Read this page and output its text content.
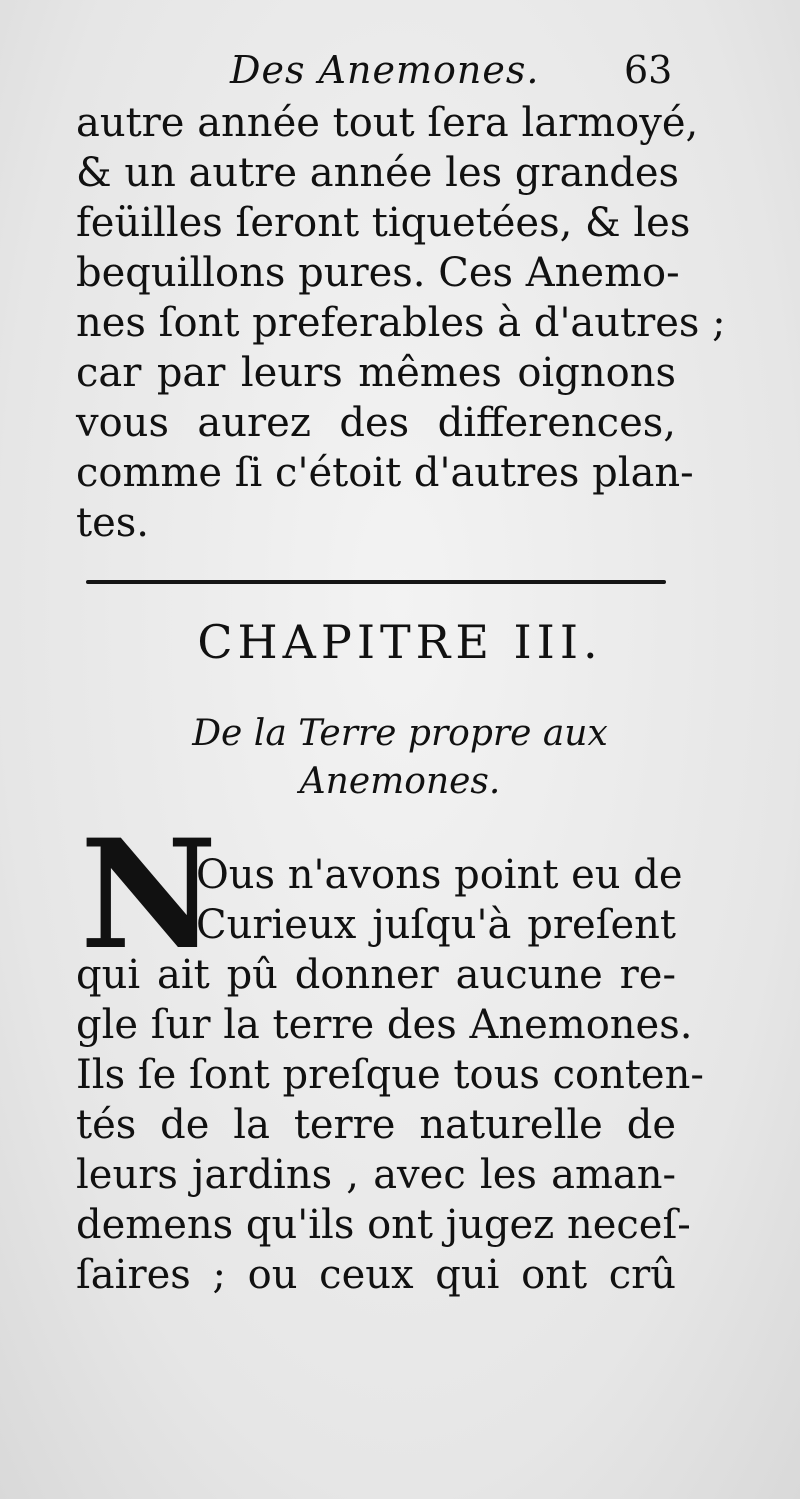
Des Anemones. 63
autre année tout ſera larmoyé,
& un autre année les grandes
feüilles ſeront tiquetées, & les
bequillons pures. Ces Anemo-
nes ſont preferables à d'autres ;
car par leurs mêmes oignons
vous aurez des differences,
comme ſi c'étoit d'autres plan-
tes.
CHAPITRE III.
De la Terre propre aux
Anemones.
N
Ous n'avons point eu de
Curieux juſqu'à preſent
qui ait pû donner aucune re-
gle ſur la terre des Anemones.
Ils ſe ſont preſque tous conten-
tés de la terre naturelle de
leurs jardins , avec les aman-
demens qu'ils ont jugez neceſ-
ſaires ; ou ceux qui ont crû
